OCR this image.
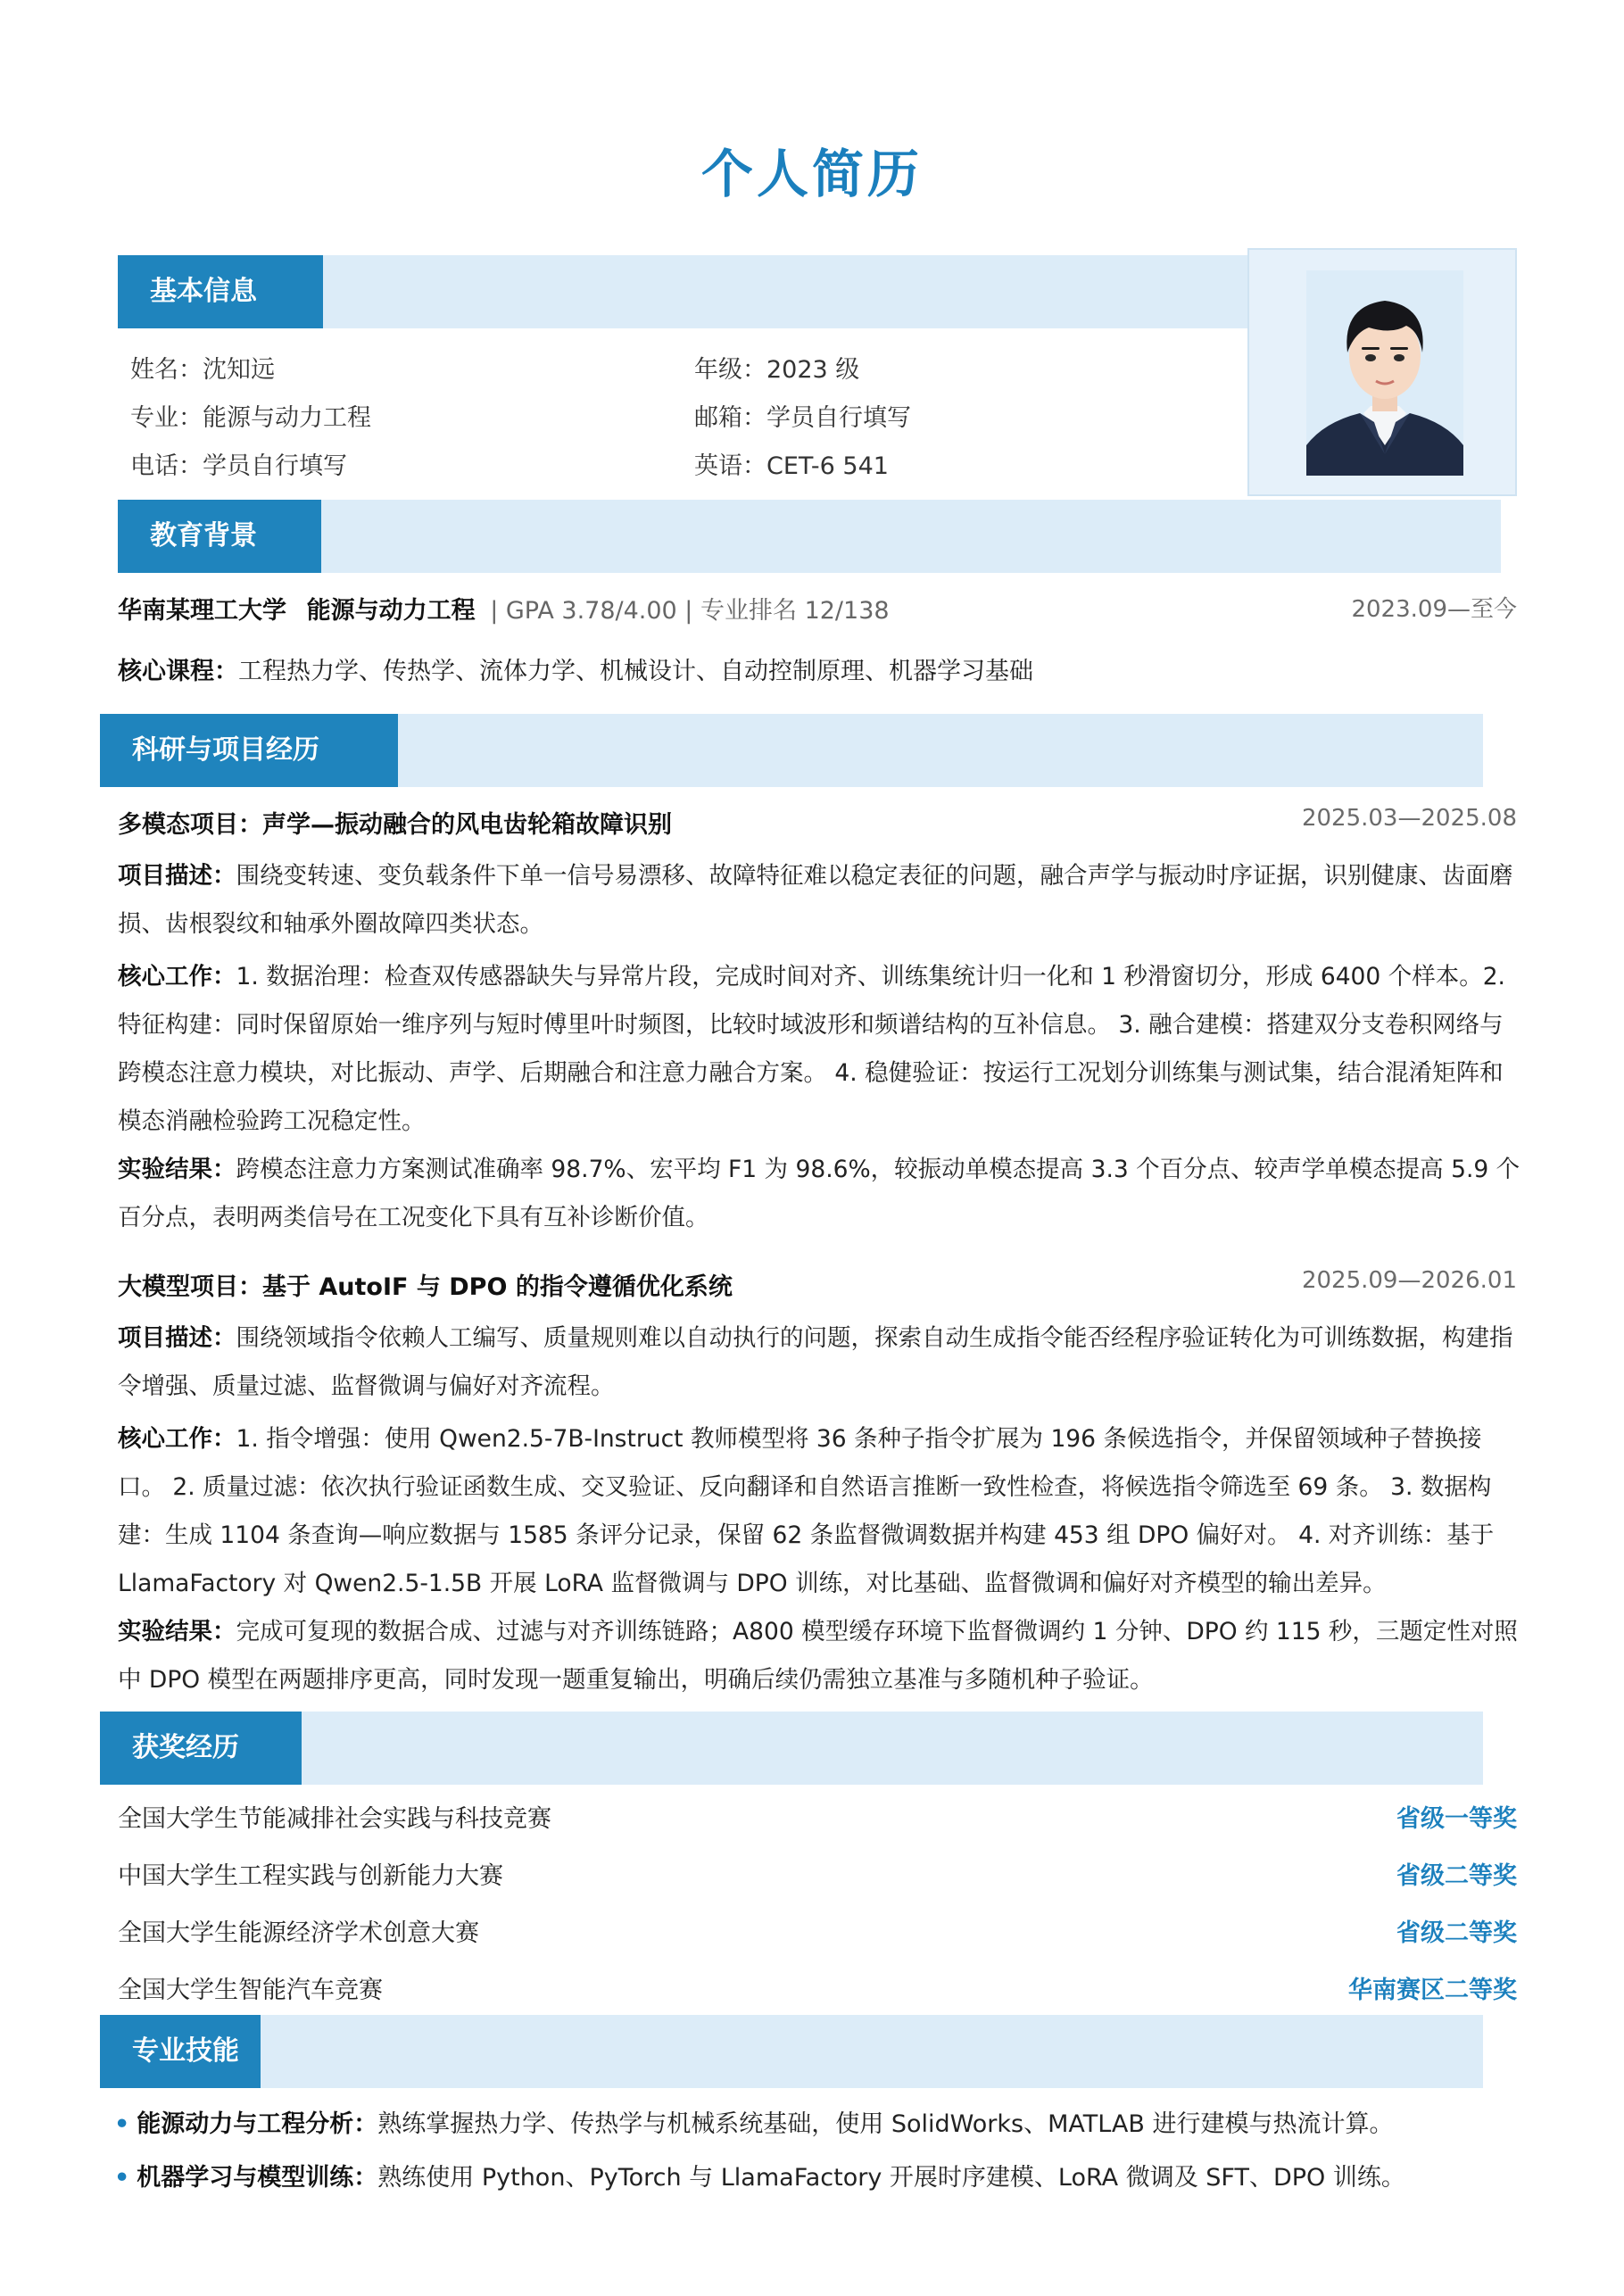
个人简历
基本信息
姓名：沈知远	年级：2023 级
专业：能源与动力工程	邮箱：学员自行填写
电话：学员自行填写	英语：CET-6 541
教育背景
华南某理工大学 能源与动力工程 | GPA 3.78/4.00 | 专业排名 12/138	2023.09—至今
核心课程：工程热力学、传热学、流体力学、机械设计、自动控制原理、机器学习基础
科研与项目经历
多模态项目：声学—振动融合的风电齿轮箱故障识别	2025.03—2025.08
项目描述：围绕变转速、变负载条件下单一信号易漂移、故障特征难以稳定表征的问题，融合声学与振动时序证据，识别健康、齿面磨损、齿根裂纹和轴承外圈故障四类状态。
核心工作：1. 数据治理：检查双传感器缺失与异常片段，完成时间对齐、训练集统计归一化和 1 秒滑窗切分，形成 6400 个样本。2. 特征构建：同时保留原始一维序列与短时傅里叶时频图，比较时域波形和频谱结构的互补信息。 3. 融合建模：搭建双分支卷积网络与跨模态注意力模块，对比振动、声学、后期融合和注意力融合方案。 4. 稳健验证：按运行工况划分训练集与测试集，结合混淆矩阵和模态消融检验跨工况稳定性。
实验结果：跨模态注意力方案测试准确率 98.7%、宏平均 F1 为 98.6%，较振动单模态提高 3.3 个百分点、较声学单模态提高 5.9 个百分点，表明两类信号在工况变化下具有互补诊断价值。
大模型项目：基于 AutoIF 与 DPO 的指令遵循优化系统	2025.09—2026.01
项目描述：围绕领域指令依赖人工编写、质量规则难以自动执行的问题，探索自动生成指令能否经程序验证转化为可训练数据，构建指令增强、质量过滤、监督微调与偏好对齐流程。
核心工作：1. 指令增强：使用 Qwen2.5-7B-Instruct 教师模型将 36 条种子指令扩展为 196 条候选指令，并保留领域种子替换接口。 2. 质量过滤：依次执行验证函数生成、交叉验证、反向翻译和自然语言推断一致性检查，将候选指令筛选至 69 条。 3. 数据构建：生成 1104 条查询—响应数据与 1585 条评分记录，保留 62 条监督微调数据并构建 453 组 DPO 偏好对。 4. 对齐训练：基于 LlamaFactory 对 Qwen2.5-1.5B 开展 LoRA 监督微调与 DPO 训练，对比基础、监督微调和偏好对齐模型的输出差异。
实验结果：完成可复现的数据合成、过滤与对齐训练链路；A800 模型缓存环境下监督微调约 1 分钟、DPO 约 115 秒，三题定性对照中 DPO 模型在两题排序更高，同时发现一题重复输出，明确后续仍需独立基准与多随机种子验证。
获奖经历
全国大学生节能减排社会实践与科技竞赛	省级一等奖
中国大学生工程实践与创新能力大赛	省级二等奖
全国大学生能源经济学术创意大赛	省级二等奖
全国大学生智能汽车竞赛	华南赛区二等奖
专业技能
• 能源动力与工程分析：熟练掌握热力学、传热学与机械系统基础，使用 SolidWorks、MATLAB 进行建模与热流计算。
• 机器学习与模型训练：熟练使用 Python、PyTorch 与 LlamaFactory 开展时序建模、LoRA 微调及 SFT、DPO 训练。
